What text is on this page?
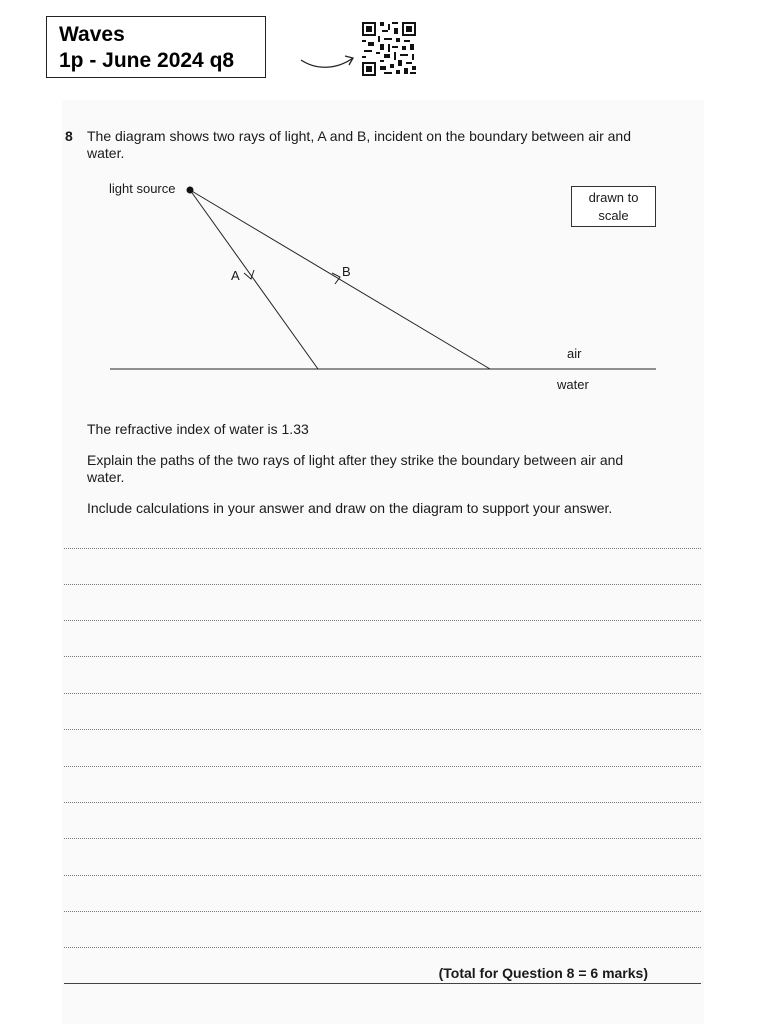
Waves
1p - June 2024 q8
8 The diagram shows two rays of light, A and B, incident on the boundary between air and water.
light source
A	B
drawn to scale
air
water
The refractive index of water is 1.33
Explain the paths of the two rays of light after they strike the boundary between air and water.
Include calculations in your answer and draw on the diagram to support your answer.
(Total for Question 8 = 6 marks)
